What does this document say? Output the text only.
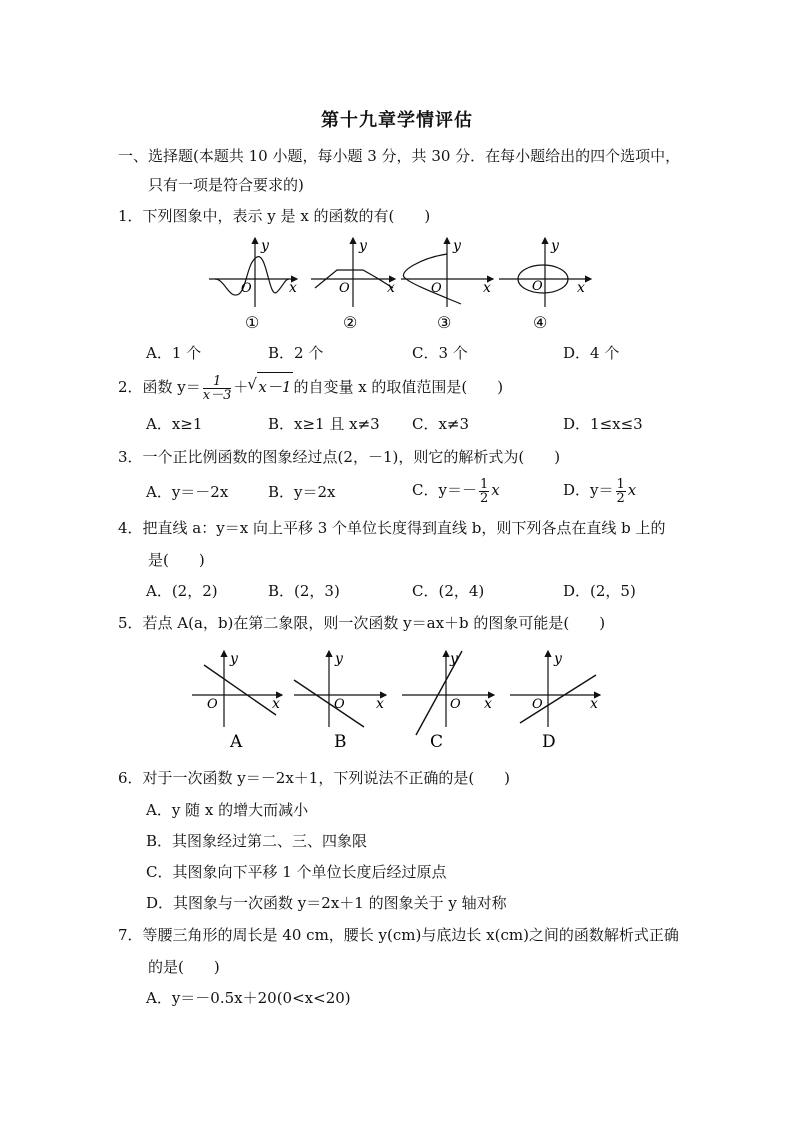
第十九章学情评估
一、选择题(本题共 10 小题，每小题 3 分，共 30 分．在每小题给出的四个选项中，
只有一项是符合要求的)
1．下列图象中，表示 y 是 x 的函数的有(　　)
y
x
O
①
y
x
O
②
y
x
O
③
y
x
O
④
A．1 个	B．2 个	C．3 个	D．4 个
2．函数 $y= \frac{1}{x-3}$ ＋√ x－1 的自变量 x 的取值范围是(　　)
A．x≥1	B．x≥1 且 x≠3 C．x≠3	D．1≤x≤3
3．一个正比例函数的图象经过点(2，－1)，则它的解析式为(　　)
A．y＝－2x	B．y＝2x	C．$y=- \frac{1}{2}$ x	D．$y= \frac{1}{2}$ x
4．把直线 a：y＝x 向上平移 3 个单位长度得到直线 b，则下列各点在直线 b 上的
是(　　)
A．(2，2)	B．(2，3)	C．(2，4)	D．(2，5)
5．若点 A(a，b)在第二象限，则一次函数 y＝ax＋b 的图象可能是(　　)
y
x
O
A
y
x
O
B
y
x
O
C
y
x
O
D
6．对于一次函数 y＝－2x＋1，下列说法不正确的是(　　)
A．y 随 x 的增大而减小
B．其图象经过第二、三、四象限
C．其图象向下平移 1 个单位长度后经过原点
D．其图象与一次函数 y＝2x＋1 的图象关于 y 轴对称
7．等腰三角形的周长是 40 cm，腰长 y(cm)与底边长 x(cm)之间的函数解析式正确
的是(　　)
A．y＝－0.5x＋20(0<x<20)
